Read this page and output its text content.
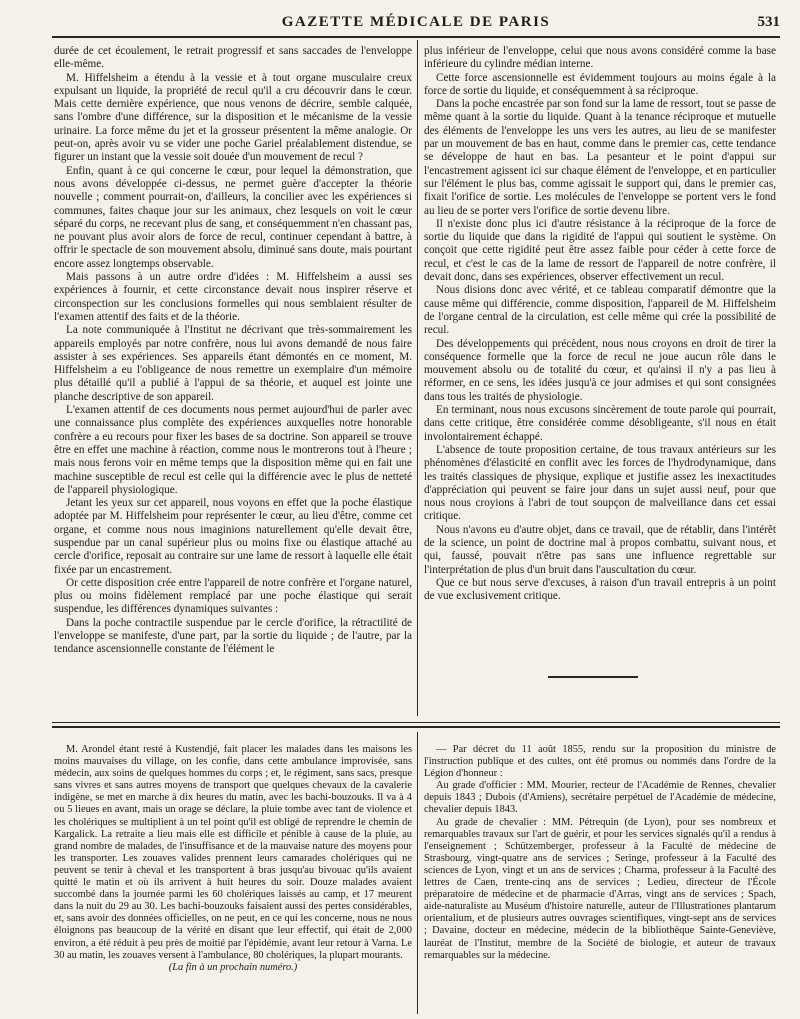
GAZETTE MÉDICALE DE PARIS	531

durée de cet écoulement, le retrait progressif et sans saccades de l'enveloppe elle-même.

M. Hiffelsheim a étendu à la vessie et à tout organe musculaire creux expulsant un liquide, la propriété de recul qu'il a cru découvrir dans le cœur. Mais cette dernière expérience, que nous venons de décrire, semble calquée, sans l'ombre d'une différence, sur la disposition et le mécanisme de la vessie urinaire. La force même du jet et la grosseur présentent la même analogie. Or peut-on, après avoir vu se vider une poche Gariel préalablement distendue, se figurer un instant que la vessie soit douée d'un mouvement de recul ?

Enfin, quant à ce qui concerne le cœur, pour lequel la démonstration, que nous avons développée ci-dessus, ne permet guère d'accepter la théorie nouvelle ; comment pourrait-on, d'ailleurs, la concilier avec les expériences si communes, faites chaque jour sur les animaux, chez lesquels on voit le cœur séparé du corps, ne recevant plus de sang, et conséquemment n'en chassant pas, ne pouvant plus avoir alors de force de recul, continuer cependant à battre, à offrir le spectacle de son mouvement absolu, diminué sans doute, mais pourtant encore assez longtemps observable.

Mais passons à un autre ordre d'idées : M. Hiffelsheim a aussi ses expériences à fournir, et cette circonstance devait nous inspirer réserve et circonspection sur les conclusions formelles qui nous semblaient résulter de l'examen attentif des faits et de la théorie.

La note communiquée à l'Institut ne décrivant que très-sommairement les appareils employés par notre confrère, nous lui avons demandé de nous faire assister à ses expériences. Ses appareils étant démontés en ce moment, M. Hiffelsheim a eu l'obligeance de nous remettre un exemplaire d'un mémoire plus détaillé qu'il a publié à l'appui de sa théorie, et auquel est jointe une planche descriptive de son appareil.

L'examen attentif de ces documents nous permet aujourd'hui de parler avec une connaissance plus complète des expériences auxquelles notre honorable confrère a eu recours pour fixer les bases de sa doctrine. Son appareil se trouve être en effet une machine à réaction, comme nous le montrerons tout à l'heure ; mais nous ferons voir en même temps que la disposition même qui en fait une machine susceptible de recul est celle qui la différencie avec le plus de netteté de l'appareil physiologique.

Jetant les yeux sur cet appareil, nous voyons en effet que la poche élastique adoptée par M. Hiffelsheim pour représenter le cœur, au lieu d'être, comme cet organe, et comme nous nous imaginions naturellement qu'elle devait être, suspendue par un canal supérieur plus ou moins fixe ou élastique attaché au cercle d'orifice, reposait au contraire sur une lame de ressort à laquelle elle était fixée par un encastrement.

Or cette disposition crée entre l'appareil de notre confrère et l'organe naturel, plus ou moins fidèlement remplacé par une poche élastique qui serait suspendue, les différences dynamiques suivantes :

Dans la poche contractile suspendue par le cercle d'orifice, la rétractilité de l'enveloppe se manifeste, d'une part, par la sortie du liquide ; de l'autre, par la tendance ascensionnelle constante de l'élément le

plus inférieur de l'enveloppe, celui que nous avons considéré comme la base inférieure du cylindre médian interne.

Cette force ascensionnelle est évidemment toujours au moins égale à la force de sortie du liquide, et conséquemment à sa réciproque.

Dans la poche encastrée par son fond sur la lame de ressort, tout se passe de même quant à la sortie du liquide. Quant à la tenance réciproque et mutuelle des éléments de l'enveloppe les uns vers les autres, au lieu de se manifester par un mouvement de bas en haut, comme dans le premier cas, cette tendance se développe de haut en bas. La pesanteur et le point d'appui sur l'encastrement agissent ici sur chaque élément de l'enveloppe, et en particulier sur l'élément le plus bas, comme agissait le support qui, dans le premier cas, fixait l'orifice de sortie. Les molécules de l'enveloppe se portent vers le fond au lieu de se porter vers l'orifice de sortie devenu libre.

Il n'existe donc plus ici d'autre résistance à la réciproque de la force de sortie du liquide que dans la rigidité de l'appui qui soutient le système. On conçoit que cette rigidité peut être assez faible pour céder à cette force de recul, et c'est le cas de la lame de ressort de l'appareil de notre confrère, il devait donc, dans ses expériences, observer effectivement un recul.

Nous disions donc avec vérité, et ce tableau comparatif démontre que la cause même qui différencie, comme disposition, l'appareil de M. Hiffelsheim de l'organe central de la circulation, est celle même qui crée la possibilité de recul.

Des développements qui précèdent, nous nous croyons en droit de tirer la conséquence formelle que la force de recul ne joue aucun rôle dans le mouvement absolu ou de totalité du cœur, et qu'ainsi il n'y a pas lieu à réformer, en ce sens, les idées jusqu'à ce jour admises et qui sont consignées dans tous les traités de physiologie.

En terminant, nous nous excusons sincèrement de toute parole qui pourrait, dans cette critique, être considérée comme désobligeante, s'il nous en était involontairement échappé.

L'absence de toute proposition certaine, de tous travaux antérieurs sur les phénomènes d'élasticité en conflit avec les forces de l'hydrodynamique, dans les traités classiques de physique, explique et justifie assez les inexactitudes d'appréciation qui peuvent se faire jour dans un sujet aussi neuf, pour que nous nous croyions à l'abri de tout soupçon de malveillance dans cet essai critique.

Nous n'avons eu d'autre objet, dans ce travail, que de rétablir, dans l'intérêt de la science, un point de doctrine mal à propos combattu, suivant nous, et qui, faussé, pouvait n'être pas sans une influence regrettable sur l'interprétation de plus d'un bruit dans l'auscultation du cœur.

Que ce but nous serve d'excuses, à raison d'un travail entrepris à un point de vue exclusivement critique.

M. Arondel étant resté à Kustendjé, fait placer les malades dans les maisons les moins mauvaises du village, on les confie, dans cette ambulance improvisée, sans médecin, aux soins de quelques hommes du corps ; et, le régiment, sans sacs, presque sans vivres et sans autres moyens de transport que quelques chevaux de la cavalerie indigène, se met en marche à dix heures du matin, avec les bachi-bouzouks. Il va à 4 ou 5 lieues en avant, mais un orage se déclare, la pluie tombe avec tant de violence et les cholériques se multiplient à un tel point qu'il est obligé de reprendre le chemin de Kargalick. La retraite a lieu mais elle est difficile et pénible à cause de la pluie, au grand nombre de malades, de l'insuffisance et de la mauvaise nature des moyens pour les transporter. Les zouaves valides prennent leurs camarades cholériques qui ne peuvent se tenir à cheval et les transportent à bras jusqu'au bivouac qu'ils avaient quitté le matin et où ils arrivent à huit heures du soir. Douze malades avaient succombé dans la journée parmi les 60 cholériques laissés au camp, et 17 meurent dans la nuit du 29 au 30. Les bachi-bouzouks faisaient aussi des pertes considérables, et, sans avoir des données officielles, on ne peut, en ce qui les concerne, nous ne nous éloignons pas beaucoup de la vérité en disant que leur effectif, qui était de 2,000 environ, a été réduit à peu près de moitié par l'épidémie, avant leur retour à Varna. Le 30 au matin, les zouaves versent à l'ambulance, 80 cholériques, la plupart mourants.

(La fin à un prochain numéro.)

— Par décret du 11 août 1855, rendu sur la proposition du ministre de l'instruction publique et des cultes, ont été promus ou nommés dans l'ordre de la Légion d'honneur :

Au grade d'officier : MM. Mourier, recteur de l'Académie de Rennes, chevalier depuis 1843 ; Dubois (d'Amiens), secrétaire perpétuel de l'Académie de médecine, chevalier depuis 1843.

Au grade de chevalier : MM. Pétrequin (de Lyon), pour ses nombreux et remarquables travaux sur l'art de guérir, et pour les services signalés qu'il a rendus à l'enseignement ; Schützemberger, professeur à la Faculté de médecine de Strasbourg, vingt-quatre ans de services ; Seringe, professeur à la Faculté des sciences de Lyon, vingt et un ans de services ; Charma, professeur à la Faculté des lettres de Caen, trente-cinq ans de services ; Ledieu, directeur de l'École préparatoire de médecine et de pharmacie d'Arras, vingt ans de services ; Spach, aide-naturaliste au Muséum d'histoire naturelle, auteur de l'Illustrationes plantarum orientalium, et de plusieurs autres ouvrages scientifiques, vingt-sept ans de services ; Davaine, docteur en médecine, médecin de la bibliothèque Sainte-Geneviève, lauréat de l'Institut, membre de la Société de biologie, et auteur de travaux remarquables sur la médecine.
